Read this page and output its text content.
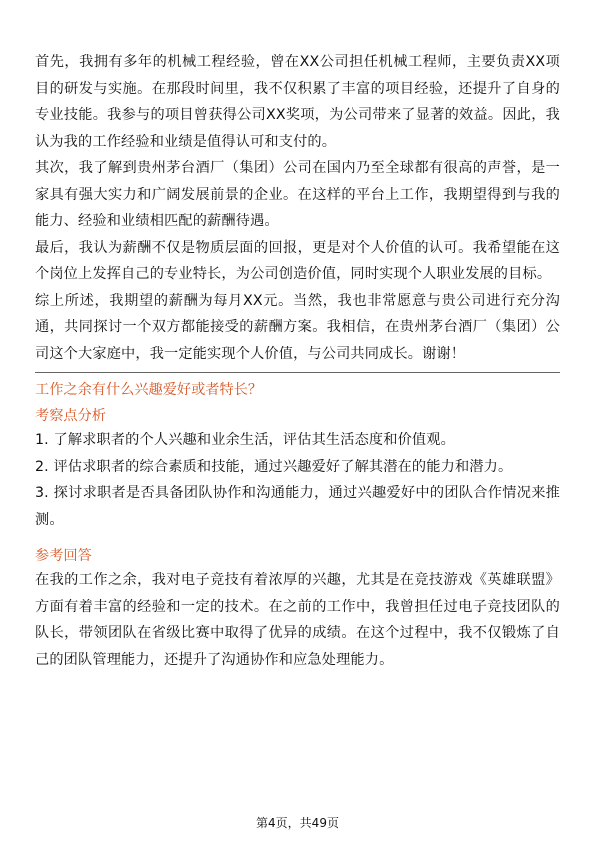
首先，我拥有多年的机械工程经验，曾在XX公司担任机械工程师，主要负责XX项目的研发与实施。在那段时间里，我不仅积累了丰富的项目经验，还提升了自身的专业技能。我参与的项目曾获得公司XX奖项，为公司带来了显著的效益。因此，我认为我的工作经验和业绩是值得认可和支付的。

其次，我了解到贵州茅台酒厂（集团）公司在国内乃至全球都有很高的声誉，是一家具有强大实力和广阔发展前景的企业。在这样的平台上工作，我期望得到与我的能力、经验和业绩相匹配的薪酬待遇。

最后，我认为薪酬不仅是物质层面的回报，更是对个人价值的认可。我希望能在这个岗位上发挥自己的专业特长，为公司创造价值，同时实现个人职业发展的目标。

综上所述，我期望的薪酬为每月XX元。当然，我也非常愿意与贵公司进行充分沟通，共同探讨一个双方都能接受的薪酬方案。我相信，在贵州茅台酒厂（集团）公司这个大家庭中，我一定能实现个人价值，与公司共同成长。谢谢！

工作之余有什么兴趣爱好或者特长？
考察点分析

1. 了解求职者的个人兴趣和业余生活，评估其生活态度和价值观。

2. 评估求职者的综合素质和技能，通过兴趣爱好了解其潜在的能力和潜力。

3. 探讨求职者是否具备团队协作和沟通能力，通过兴趣爱好中的团队合作情况来推测。

参考回答

在我的工作之余，我对电子竞技有着浓厚的兴趣，尤其是在竞技游戏《英雄联盟》方面有着丰富的经验和一定的技术。在之前的工作中，我曾担任过电子竞技团队的队长，带领团队在省级比赛中取得了优异的成绩。在这个过程中，我不仅锻炼了自己的团队管理能力，还提升了沟通协作和应急处理能力。

第4页，共49页
